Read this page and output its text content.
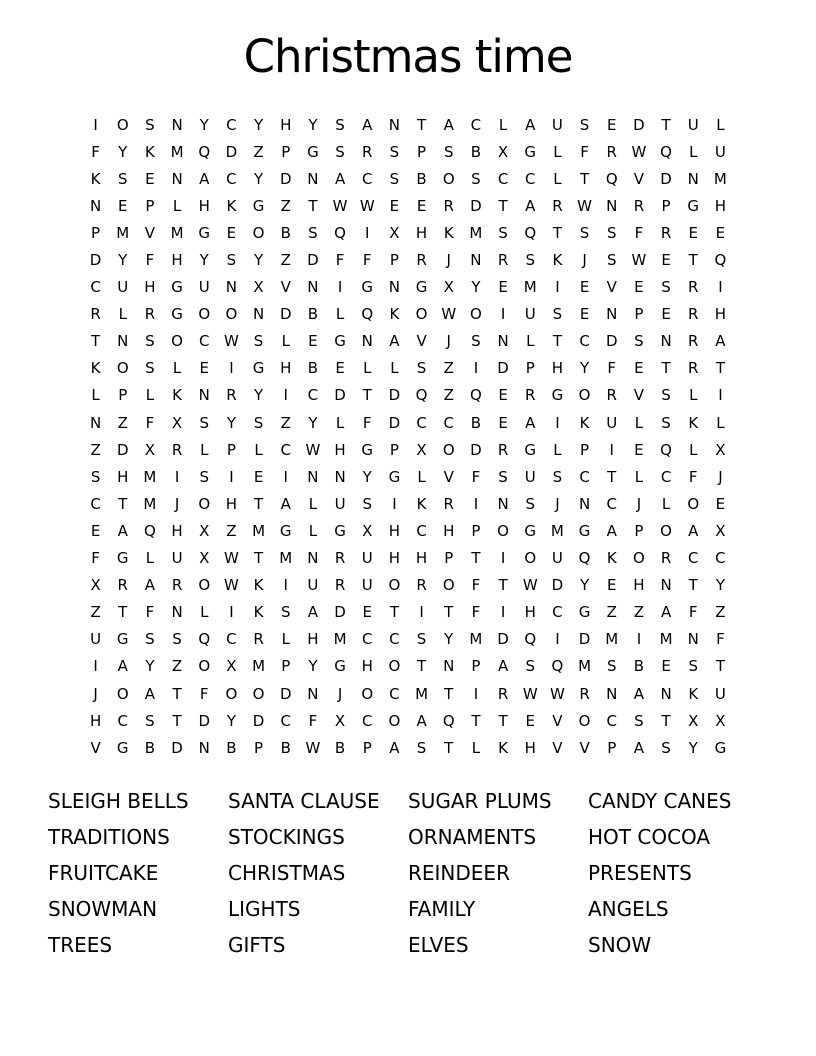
Christmas time
I	O	S	N	Y	C	Y	H	Y	S	A	N	T	A	C	L	A	U	S	E	D	T	U	L
F	Y	K	M Q	D	Z	P	G	S	R	S	P	S	B	X	G	L	F	R W Q	L	U
K	S	E	N	A	C	Y	D	N	A	C	S	B	O	S	C	C	L	T	Q	V	D	N	M
N	E	P	L	H	K	G	Z	T	W W	E	E	R	D	T	A	R W N	R	P	G	H
P	M	V	M G	E	O	B	S	Q	I	X	H	K	M	S	Q	T	S	S	F	R	E	E
D	Y	F	H	Y	S	Y	Z	D	F	F	P	R	J	N	R	S	K	J	S W	E	T	Q
C	U	H	G	U	N	X	V	N	I	G	N	G	X	Y	E	M	I	E	V	E	S	R	I
R	L	R	G	O	O	N	D	B	L	Q	K	O W O	I	U	S	E	N	P	E	R	H
T	N	S	O	C W S	L	E	G	N	A	V	J	S	N	L	T	C	D	S	N	R	A
K	O	S	L	E	I	G	H	B	E	L	L	S	Z	I	D	P	H	Y	F	E	T	R	T
L	P	L	K	N	R	Y	I	C	D	T	D	Q	Z	Q	E	R	G	O	R	V	S	L	I
N	Z	F	X	S	Y	S	Z	Y	L	F	D	C	C	B	E	A	I	K	U	L	S	K	L
Z	D	X	R	L	P	L	C W H	G	P	X	O	D	R	G	L	P	I	E	Q	L	X
S	H	M	I	S	I	E	I	N	N	Y	G	L	V	F	S	U	S	C	T	L	C	F	J
C	T	M	J	O	H	T	A	L	U	S	I	K	R	I	N	S	J	N	C	J	L	O	E
E	A	Q	H	X	Z	M G	L	G	X	H	C	H	P	O	G M G	A	P	O	A	X
F	G	L	U	X W	T	M	N	R	U	H	H	P	T	I	O	U	Q	K	O	R	C	C
X	R	A	R	O W K	I	U	R	U	O	R	O	F	T	W D	Y	E	H	N	T	Y
Z	T	F	N	L	I	K	S	A	D	E	T	I	T	F	I	H	C	G	Z	Z	A	F	Z
U	G	S	S	Q	C	R	L	H	M	C	C	S	Y	M D	Q	I	D M	I	M	N	F
I	A	Y	Z	O	X	M	P	Y	G	H	O	T	N	P	A	S	Q M	S	B	E	S	T
J	O	A	T	F	O	O	D	N	J	O	C	M	T	I	R W W R	N	A	N	K	U
H	C	S	T	D	Y	D	C	F	X	C	O	A	Q	T	T	E	V	O	C	S	T	X	X
V	G	B	D	N	B	P	B W B	P	A	S	T	L	K	H	V	V	P	A	S	Y	G
SLEIGH BELLS
TRADITIONS
FRUITCAKE
SNOWMAN
TREES
SANTA CLAUSE
STOCKINGS
CHRISTMAS
LIGHTS
GIFTS
SUGAR PLUMS
ORNAMENTS
REINDEER
FAMILY
ELVES
CANDY CANES
HOT COCOA
PRESENTS
ANGELS
SNOW
